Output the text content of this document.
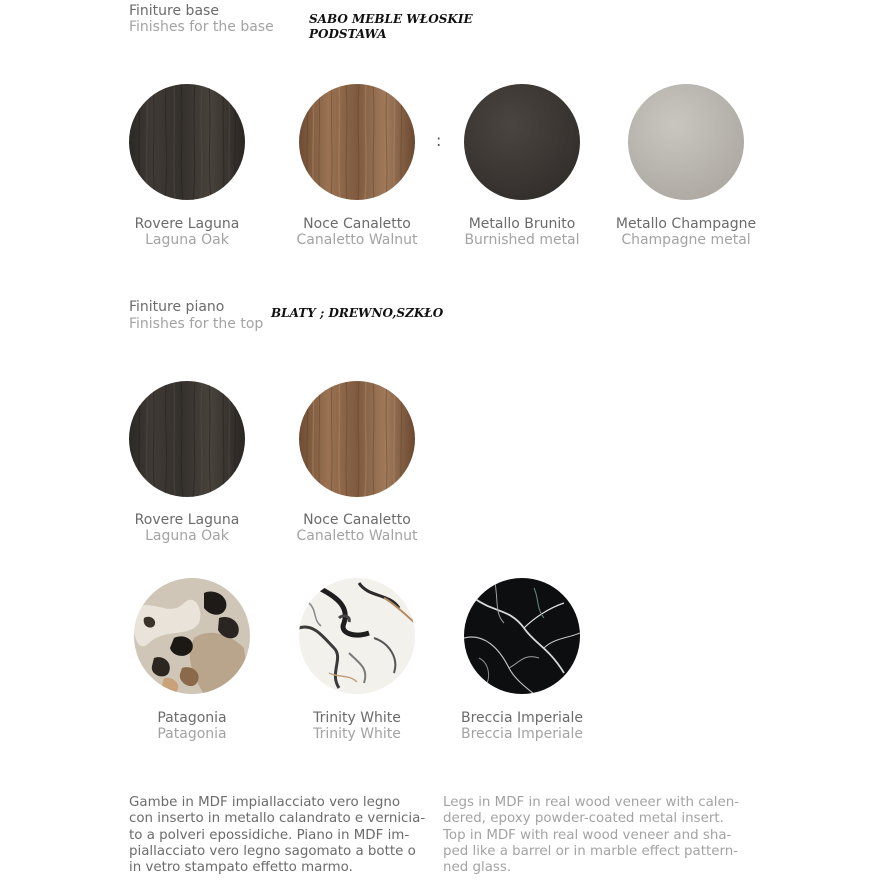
Finiture base
Finishes for the base	SABO MEBLE WŁOSKIE
PODSTAWA
:
Rovere Laguna
Laguna Oak
Noce Canaletto
Canaletto Walnut
Metallo Brunito
Burnished metal
Metallo Champagne
Champagne metal
Finiture piano
Finishes for the top
BLATY ; DREWNO,SZKŁO
Rovere Laguna
Laguna Oak
Noce Canaletto
Canaletto Walnut
Patagonia
Patagonia
Trinity White
Trinity White
Breccia Imperiale
Breccia Imperiale
Gambe in MDF impiallacciato vero legno
con inserto in metallo calandrato e vernicia-
to a polveri epossidiche. Piano in MDF im-
piallacciato vero legno sagomato a botte o
in vetro stampato effetto marmo.
Legs in MDF in real wood veneer with calen-
dered, epoxy powder-coated metal insert.
Top in MDF with real wood veneer and sha-
ped like a barrel or in marble effect pattern-
ned glass.
